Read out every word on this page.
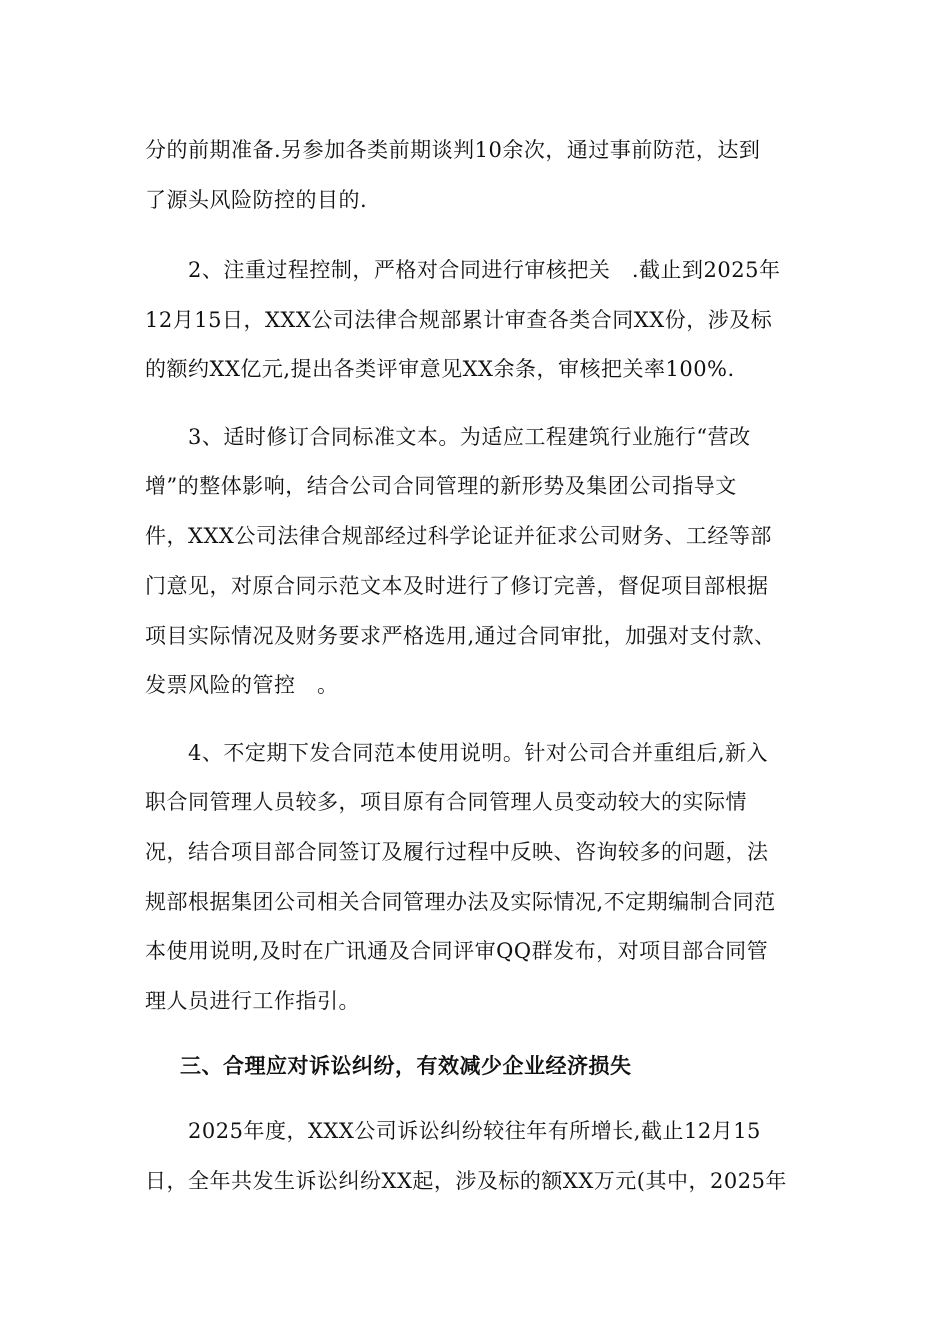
分的前期准备.另参加各类前期谈判10余次，通过事前防范，达到
了源头风险防控的目的.
2、注重过程控制，严格对合同进行审核把关　.截止到2025年
12月15日，XXX公司法律合规部累计审查各类合同XX份，涉及标
的额约XX亿元,提出各类评审意见XX余条，审核把关率100%.
3、适时修订合同标准文本。为适应工程建筑行业施行“营改
增”的整体影响，结合公司合同管理的新形势及集团公司指导文
件，XXX公司法律合规部经过科学论证并征求公司财务、工经等部
门意见，对原合同示范文本及时进行了修订完善，督促项目部根据
项目实际情况及财务要求严格选用,通过合同审批，加强对支付款、
发票风险的管控　。
4、不定期下发合同范本使用说明。针对公司合并重组后,新入
职合同管理人员较多，项目原有合同管理人员变动较大的实际情
况，结合项目部合同签订及履行过程中反映、咨询较多的问题，法
规部根据集团公司相关合同管理办法及实际情况,不定期编制合同范
本使用说明,及时在广讯通及合同评审QQ群发布，对项目部合同管
理人员进行工作指引。
三、合理应对诉讼纠纷，有效减少企业经济损失
2025年度，XXX公司诉讼纠纷较往年有所增长,截止12月15
日，全年共发生诉讼纠纷XX起，涉及标的额XX万元(其中，2025年
